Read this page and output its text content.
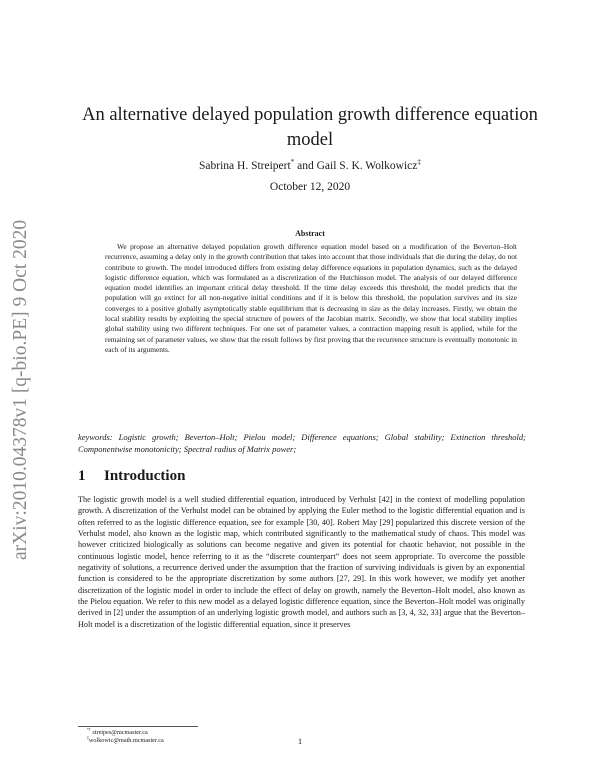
arXiv:2010.04378v1 [q-bio.PE] 9 Oct 2020
An alternative delayed population growth difference equation model
Sabrina H. Streipert* and Gail S. K. Wolkowicz‡
October 12, 2020
Abstract

We propose an alternative delayed population growth difference equation model based on a modification of the Beverton–Holt recurrence, assuming a delay only in the growth contribution that takes into account that those individuals that die during the delay, do not contribute to growth. The model introduced differs from existing delay difference equations in population dynamics, such as the delayed logistic difference equation, which was formulated as a discretization of the Hutchinson model. The analysis of our delayed difference equation model identifies an important critical delay threshold. If the time delay exceeds this threshold, the model predicts that the population will go extinct for all non-negative initial conditions and if it is below this threshold, the population survives and its size converges to a positive globally asymptotically stable equilibrium that is decreasing in size as the delay increases. Firstly, we obtain the local stability results by exploiting the special structure of powers of the Jacobian matrix. Secondly, we show that local stability implies global stability using two different techniques. For one set of parameter values, a contraction mapping result is applied, while for the remaining set of parameter values, we show that the result follows by first proving that the recurrence structure is eventually monotonic in each of its arguments.

keywords: Logistic growth; Beverton–Holt; Pielou model; Difference equations; Global stability; Extinction threshold; Componentwise monotonicity; Spectral radius of Matrix power;

1 Introduction

The logistic growth model is a well studied differential equation, introduced by Verhulst [42] in the context of modelling population growth. A discretization of the Verhulst model can be obtained by applying the Euler method to the logistic differential equation and is often referred to as the logistic difference equation, see for example [30, 40]. Robert May [29] popularized this discrete version of the Verhulst model, also known as the logistic map, which contributed significantly to the mathematical study of chaos. This model was however criticized biologically as solutions can become negative and given its potential for chaotic behavior, not possible in the continuous logistic model, hence referring to it as the “discrete counterpart” does not seem appropriate. To overcome the possible negativity of solutions, a recurrence derived under the assumption that the fraction of surviving individuals is given by an exponential function is considered to be the appropriate discretization by some authors [27, 29]. In this work however, we modify yet another discretization of the logistic model in order to include the effect of delay on growth, namely the Beverton–Holt model, also known as the Pielou equation. We refer to this new model as a delayed logistic difference equation, since the Beverton–Holt model was originally derived in [2] under the assumption of an underlying logistic growth model, and authors such as [3, 4, 32, 33] argue that the Beverton–Holt model is a discretization of the logistic differential equation, since it preserves

*† streipes@mcmaster.ca
‡wolkowic@math.mcmaster.ca	1
